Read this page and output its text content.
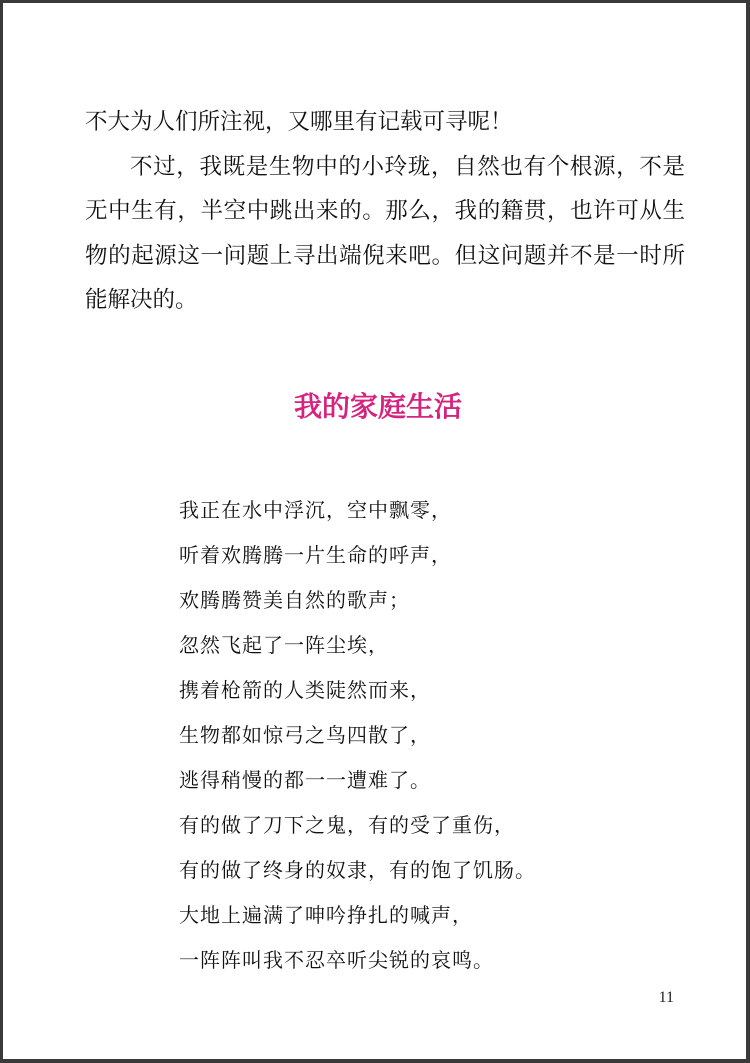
不大为人们所注视，又哪里有记载可寻呢！

不过，我既是生物中的小玲珑，自然也有个根源，不是无中生有，半空中跳出来的。那么，我的籍贯，也许可从生物的起源这一问题上寻出端倪来吧。但这问题并不是一时所能解决的。

我的家庭生活
我正在水中浮沉，空中飘零，
听着欢腾腾一片生命的呼声，
欢腾腾赞美自然的歌声；
忽然飞起了一阵尘埃，
携着枪箭的人类陡然而来，
生物都如惊弓之鸟四散了，
逃得稍慢的都一一遭难了。
有的做了刀下之鬼，有的受了重伤，
有的做了终身的奴隶，有的饱了饥肠。
大地上遍满了呻吟挣扎的喊声，
一阵阵叫我不忍卒听尖锐的哀鸣。
11
